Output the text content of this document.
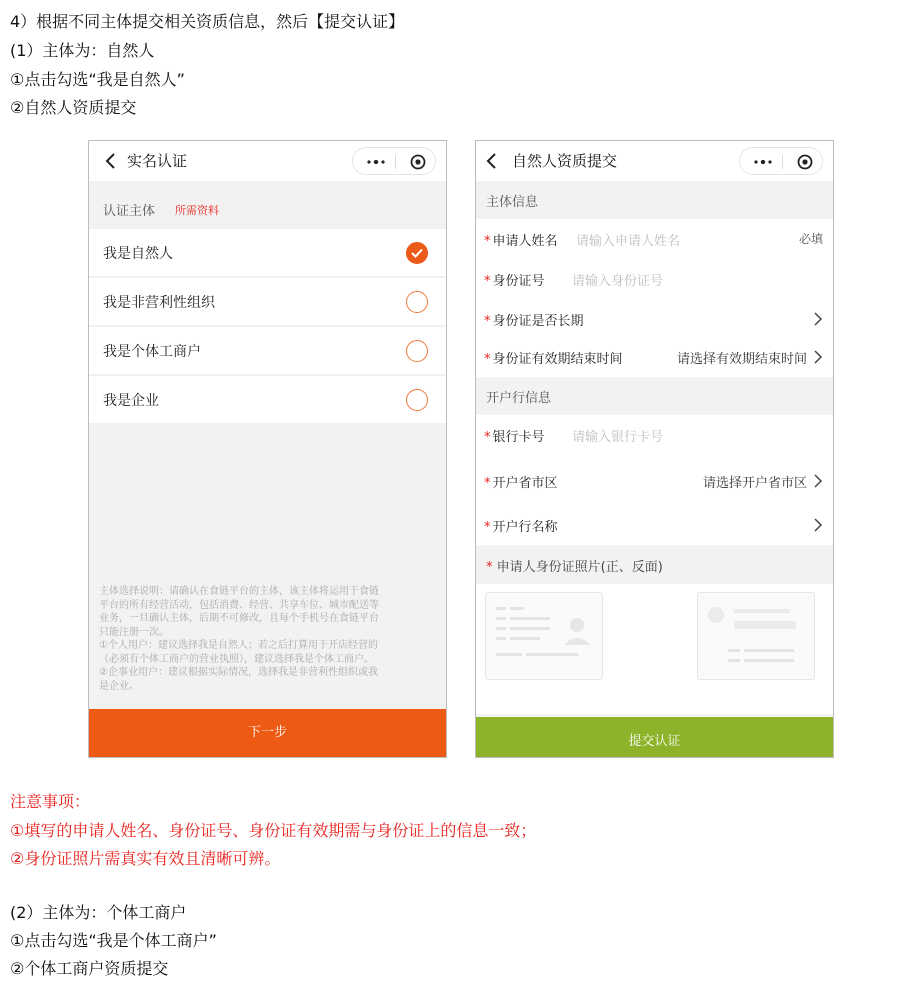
4）根据不同主体提交相关资质信息，然后【提交认证】
(1）主体为：自然人
①点击勾选“我是自然人”
②自然人资质提交
实名认证
认证主体 所需资料
我是自然人
我是非营利性组织
我是个体工商户
我是企业
主体选择说明：请确认在食链平台的主体，该主体将运用于食链
平台的所有经营活动，包括消费、经营、共享车位、城市配送等
业务，一旦确认主体，后期不可修改，且每个手机号在食链平台
只能注册一次。
①个人用户：建议选择我是自然人；若之后打算用于开店经营的
（必须有个体工商户的营业执照），建议选择我是个体工商户。
②企事业用户：建议根据实际情况，选择我是非营利性组织或我
是企业。
下一步
自然人资质提交
主体信息
* 申请人姓名 请输入申请人姓名	必填
* 身份证号 请输入身份证号
* 身份证是否长期
* 身份证有效期结束时间	请选择有效期结束时间
开户行信息
* 银行卡号 请输入银行卡号
* 开户省市区	请选择开户省市区
* 开户行名称
* 申请人身份证照片(正、反面)
提交认证
注意事项：
①填写的申请人姓名、身份证号、身份证有效期需与身份证上的信息一致；
②身份证照片需真实有效且清晰可辨。
(2）主体为：个体工商户
①点击勾选“我是个体工商户”
②个体工商户资质提交
